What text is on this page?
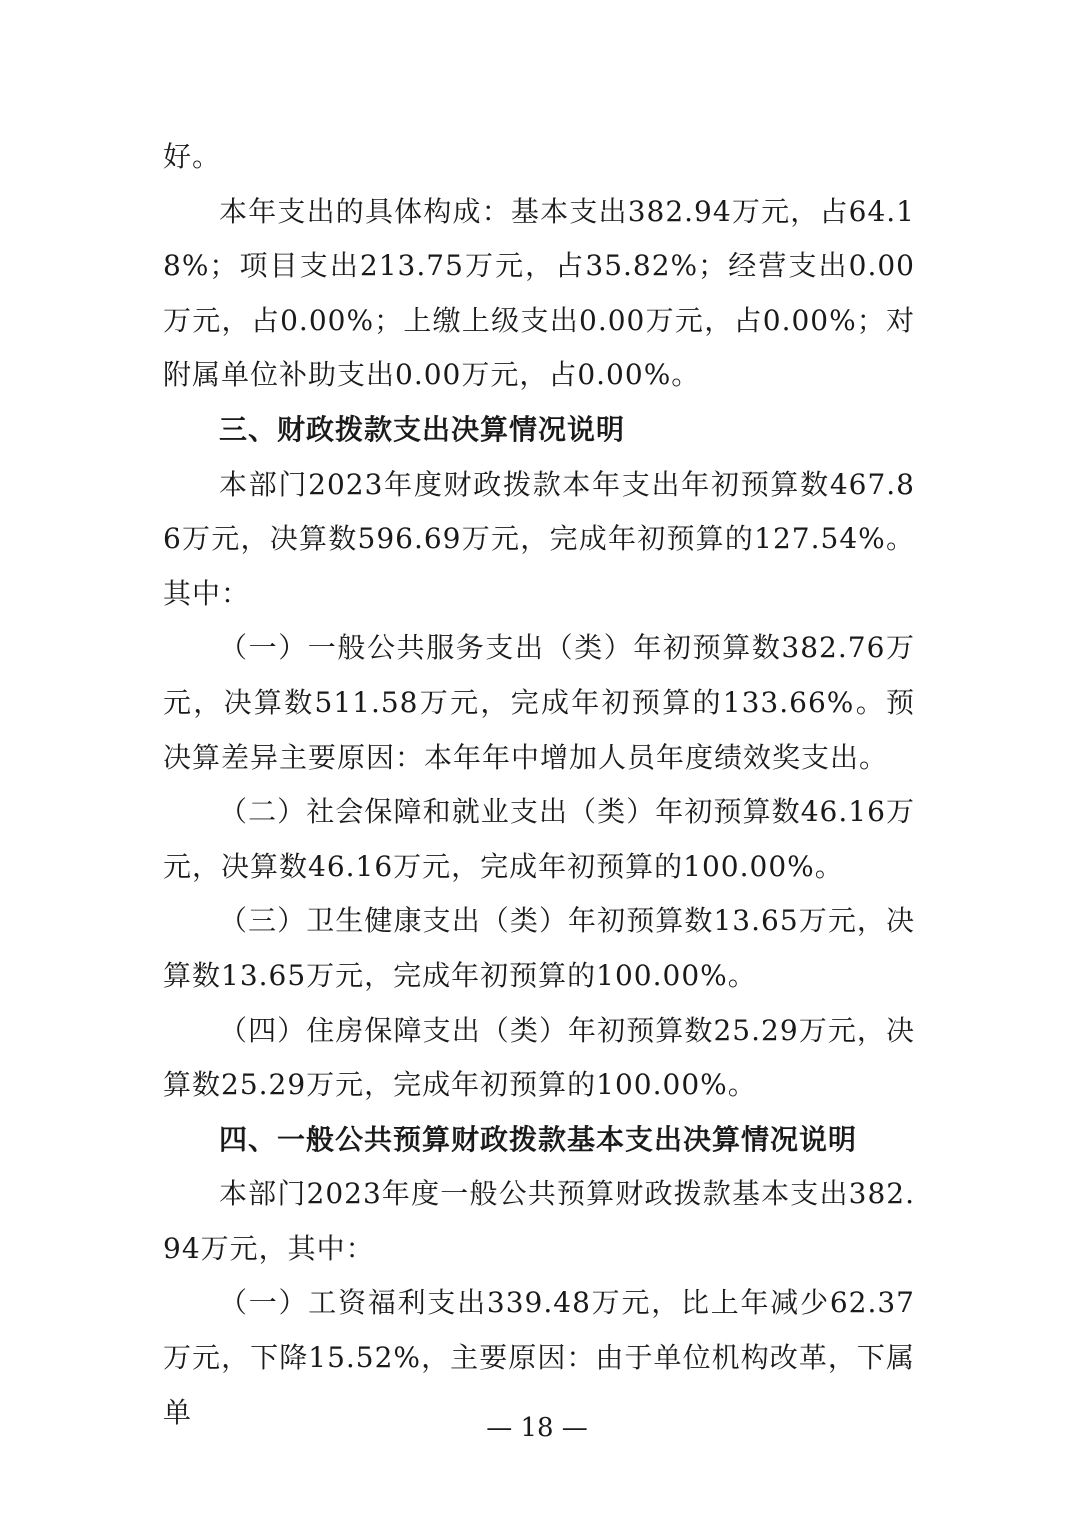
好。

本年支出的具体构成：基本支出382.94万元，占64.18%；项目支出213.75万元，占35.82%；经营支出0.00万元，占0.00%；上缴上级支出0.00万元，占0.00%；对附属单位补助支出0.00万元，占0.00%。

三、财政拨款支出决算情况说明

本部门2023年度财政拨款本年支出年初预算数467.86万元，决算数596.69万元，完成年初预算的127.54%。其中：

（一）一般公共服务支出（类）年初预算数382.76万元，决算数511.58万元，完成年初预算的133.66%。预决算差异主要原因：本年年中增加人员年度绩效奖支出。

（二）社会保障和就业支出（类）年初预算数46.16万元，决算数46.16万元，完成年初预算的100.00%。

（三）卫生健康支出（类）年初预算数13.65万元，决算数13.65万元，完成年初预算的100.00%。

（四）住房保障支出（类）年初预算数25.29万元，决算数25.29万元，完成年初预算的100.00%。

四、一般公共预算财政拨款基本支出决算情况说明

本部门2023年度一般公共预算财政拨款基本支出382.94万元，其中：

（一）工资福利支出339.48万元，比上年减少62.37万元，下降15.52%，主要原因：由于单位机构改革，下属单	— 18 —
